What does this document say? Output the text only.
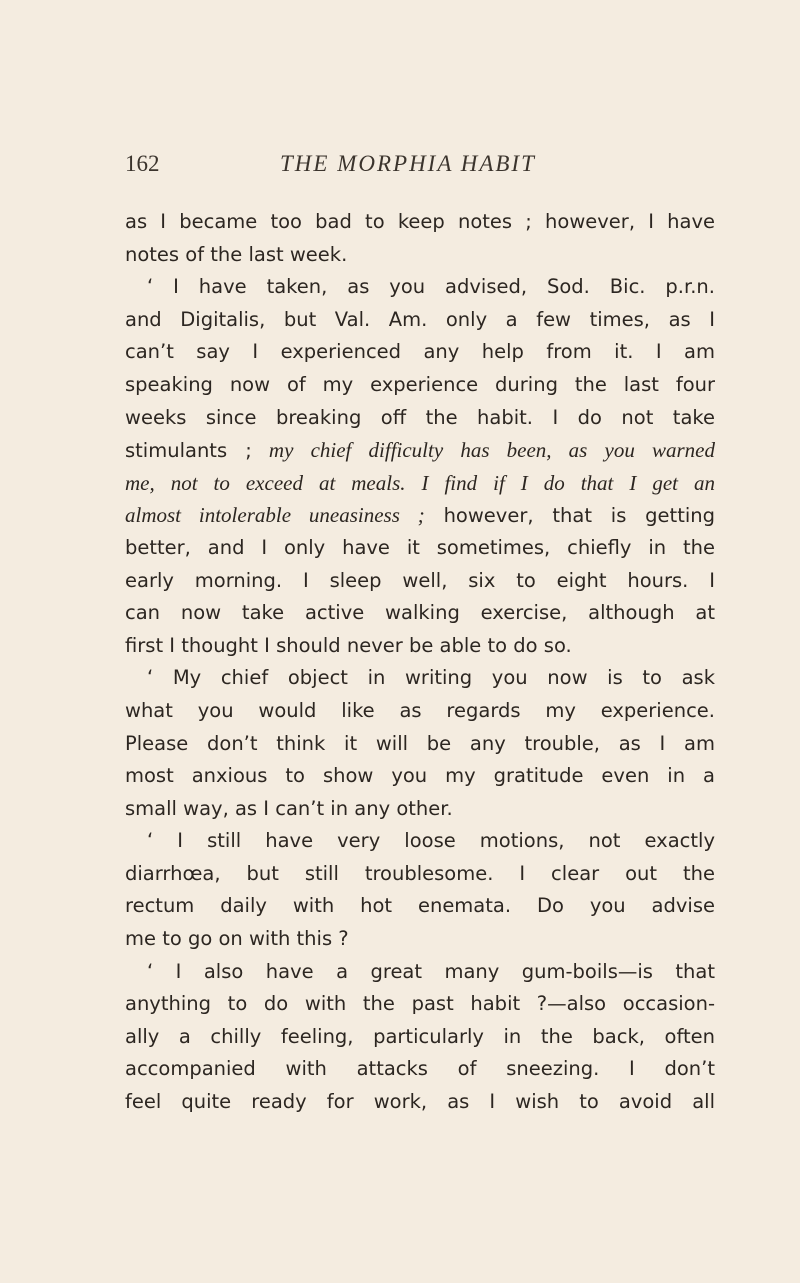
162	THE MORPHIA HABIT
as I became too bad to keep notes ; however, I have
notes of the last week.
‘ I have taken, as you advised, Sod. Bic. p.r.n.
and Digitalis, but Val. Am. only a few times, as I
can’t say I experienced any help from it. I am
speaking now of my experience during the last four
weeks since breaking off the habit. I do not take
stimulants ; my chief difficulty has been, as you warned
me, not to exceed at meals. I find if I do that I get an
almost intolerable uneasiness ; however, that is getting
better, and I only have it sometimes, chiefly in the
early morning. I sleep well, six to eight hours. I
can now take active walking exercise, although at
first I thought I should never be able to do so.
‘ My chief object in writing you now is to ask
what you would like as regards my experience.
Please don’t think it will be any trouble, as I am
most anxious to show you my gratitude even in a
small way, as I can’t in any other.
‘ I still have very loose motions, not exactly
diarrhœa, but still troublesome. I clear out the
rectum daily with hot enemata. Do you advise
me to go on with this ?
‘ I also have a great many gum-boils—is that
anything to do with the past habit ?—also occasion-
ally a chilly feeling, particularly in the back, often
accompanied with attacks of sneezing. I don’t
feel quite ready for work, as I wish to avoid all
